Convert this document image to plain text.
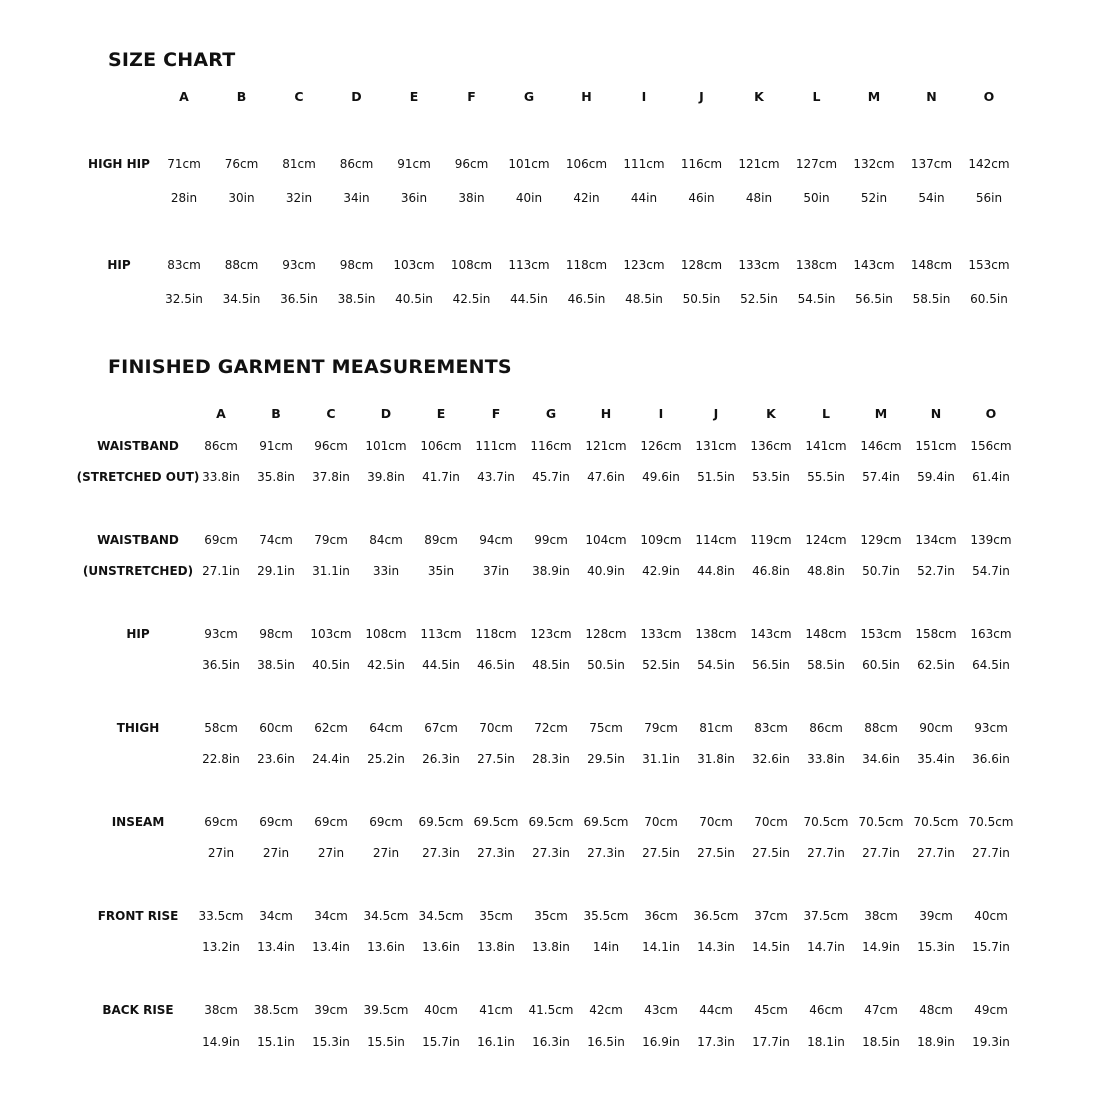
SIZE CHART
A	B	C	D	E	F	G	H	I	J	K	L	M	N	O
HIGH HIP 71cm 76cm 81cm 86cm 91cm 96cm 101cm 106cm 111cm 116cm 121cm 127cm 132cm 137cm 142cm
28in	30in	32in	34in	36in	38in	40in	42in	44in	46in	48in	50in	52in	54in	56in
HIP	83cm 88cm 93cm 98cm 103cm 108cm 113cm 118cm 123cm 128cm 133cm 138cm 143cm 148cm 153cm
32.5in 34.5in 36.5in 38.5in 40.5in 42.5in 44.5in 46.5in 48.5in 50.5in 52.5in 54.5in 56.5in 58.5in 60.5in
FINISHED GARMENT MEASUREMENTS
A	B	C	D	E	F	G	H	I	J	K	L	M	N	O
WAISTBAND 86cm 91cm 96cm 101cm 106cm 111cm 116cm 121cm 126cm 131cm 136cm 141cm 146cm 151cm 156cm
(STRETCHED OUT) 33.8in 35.8in 37.8in 39.8in 41.7in 43.7in 45.7in 47.6in 49.6in 51.5in 53.5in 55.5in 57.4in 59.4in 61.4in
WAISTBAND 69cm 74cm 79cm 84cm 89cm 94cm 99cm 104cm 109cm 114cm 119cm 124cm 129cm 134cm 139cm
(UNSTRETCHED) 27.1in 29.1in 31.1in 33in 35in 37in 38.9in 40.9in 42.9in 44.8in 46.8in 48.8in 50.7in 52.7in 54.7in
HIP	93cm 98cm 103cm 108cm 113cm 118cm 123cm 128cm 133cm 138cm 143cm 148cm 153cm 158cm 163cm
36.5in 38.5in 40.5in 42.5in 44.5in 46.5in 48.5in 50.5in 52.5in 54.5in 56.5in 58.5in 60.5in 62.5in 64.5in
THIGH	58cm 60cm 62cm 64cm 67cm 70cm 72cm 75cm 79cm 81cm 83cm 86cm 88cm 90cm 93cm
22.8in 23.6in 24.4in 25.2in 26.3in 27.5in 28.3in 29.5in 31.1in 31.8in 32.6in 33.8in 34.6in 35.4in 36.6in
INSEAM	69cm 69cm 69cm 69cm 69.5cm 69.5cm 69.5cm 69.5cm 70cm 70cm 70cm 70.5cm 70.5cm 70.5cm 70.5cm
27in 27in 27in 27in 27.3in 27.3in 27.3in 27.3in 27.5in 27.5in 27.5in 27.7in 27.7in 27.7in 27.7in
FRONT RISE 33.5cm 34cm 34cm 34.5cm 34.5cm 35cm 35cm 35.5cm 36cm 36.5cm 37cm 37.5cm 38cm 39cm 40cm
13.2in 13.4in 13.4in 13.6in 13.6in 13.8in 13.8in 14in 14.1in 14.3in 14.5in 14.7in 14.9in 15.3in 15.7in
BACK RISE	38cm 38.5cm 39cm 39.5cm 40cm 41cm 41.5cm 42cm 43cm 44cm 45cm 46cm 47cm 48cm 49cm
14.9in 15.1in 15.3in 15.5in 15.7in 16.1in 16.3in 16.5in 16.9in 17.3in 17.7in 18.1in 18.5in 18.9in 19.3in
